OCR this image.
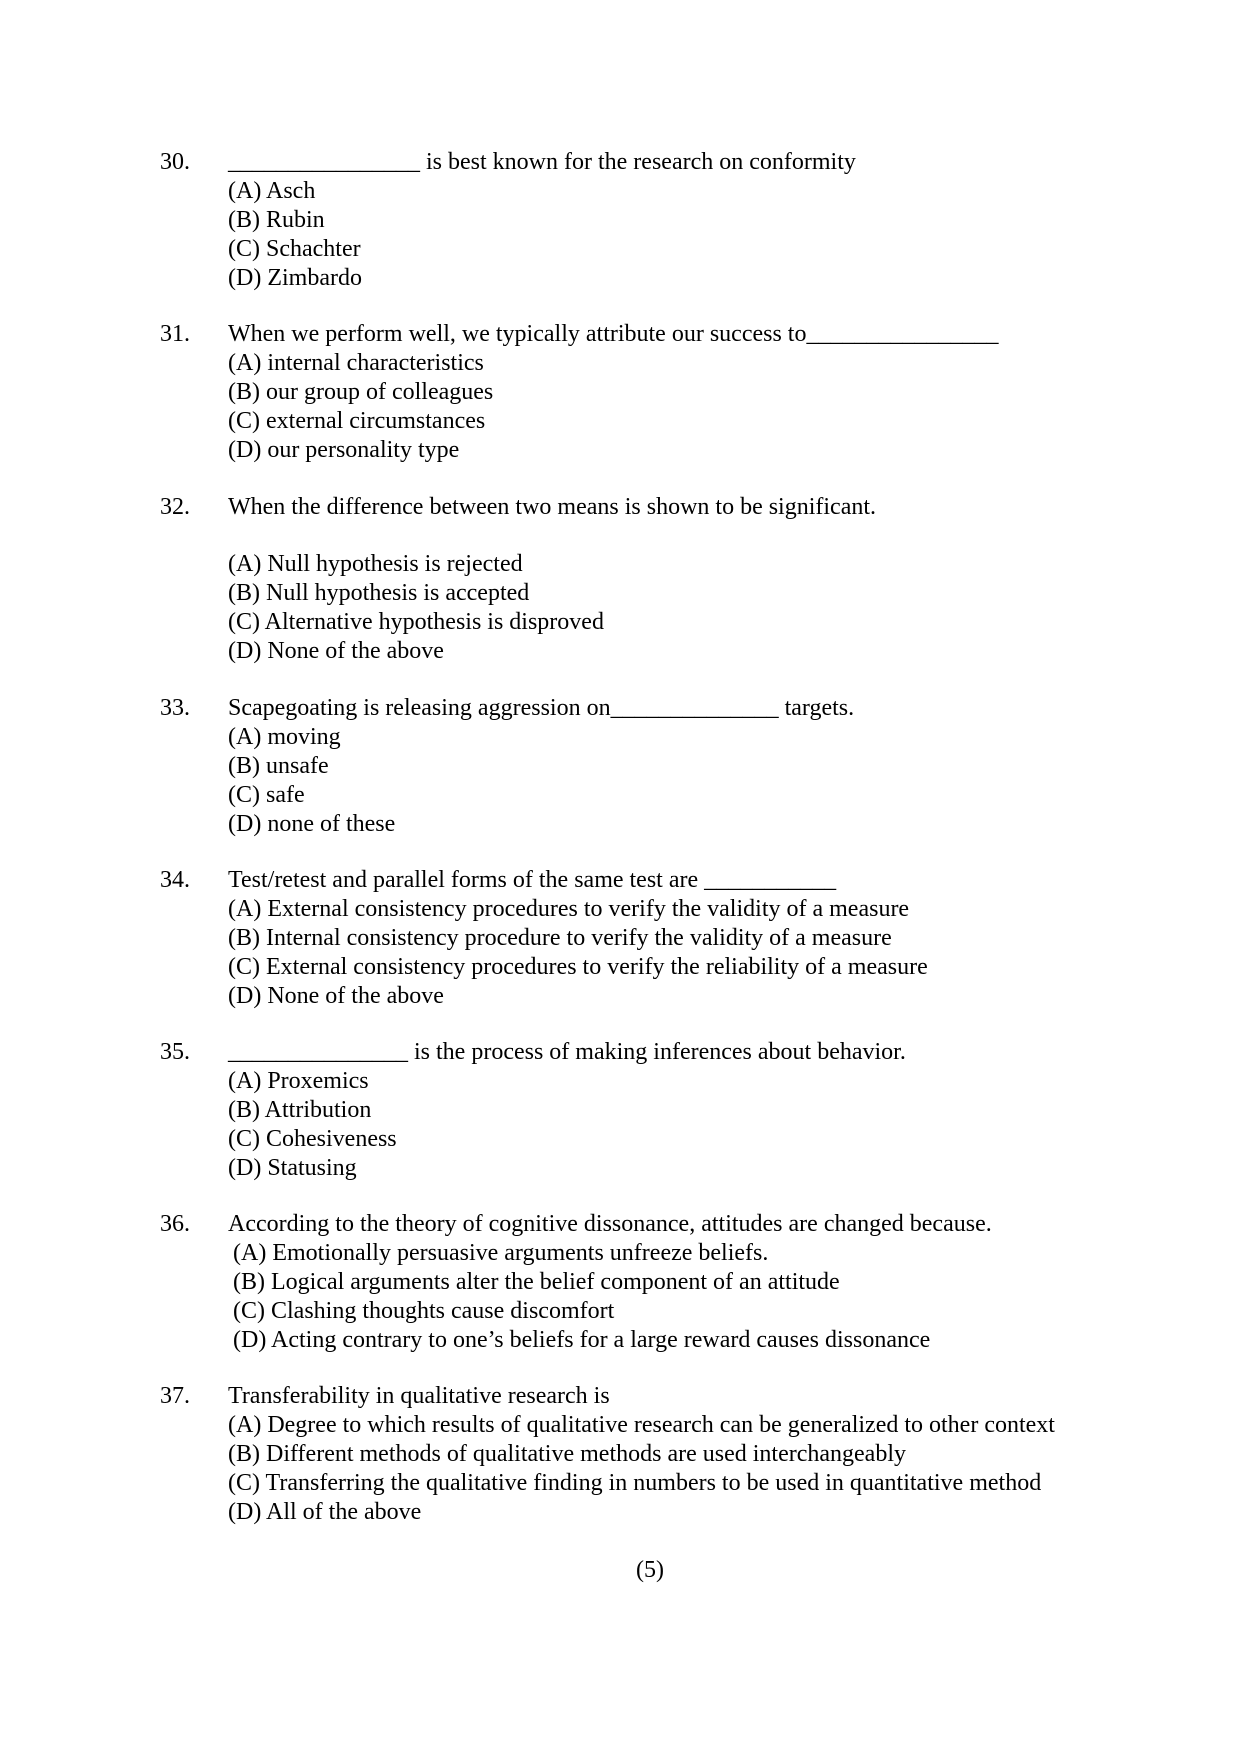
30. ________________ is best known for the research on conformity
(A) Asch
(B) Rubin
(C) Schachter
(D) Zimbardo
31. When we perform well, we typically attribute our success to________________
(A) internal characteristics
(B) our group of colleagues
(C) external circumstances
(D) our personality type
32. When the difference between two means is shown to be significant.
(A) Null hypothesis is rejected
(B) Null hypothesis is accepted
(C) Alternative hypothesis is disproved
(D) None of the above
33. Scapegoating is releasing aggression on______________ targets.
(A) moving
(B) unsafe
(C) safe
(D) none of these
34. Test/retest and parallel forms of the same test are ___________
(A) External consistency procedures to verify the validity of a measure
(B) Internal consistency procedure to verify the validity of a measure
(C) External consistency procedures to verify the reliability of a measure
(D) None of the above
35. _______________ is the process of making inferences about behavior.
(A) Proxemics
(B) Attribution
(C) Cohesiveness
(D) Statusing
36. According to the theory of cognitive dissonance, attitudes are changed because.
(A) Emotionally persuasive arguments unfreeze beliefs.
(B) Logical arguments alter the belief component of an attitude
(C) Clashing thoughts cause discomfort
(D) Acting contrary to one’s beliefs for a large reward causes dissonance
37. Transferability in qualitative research is
(A) Degree to which results of qualitative research can be generalized to other context
(B) Different methods of qualitative methods are used interchangeably
(C) Transferring the qualitative finding in numbers to be used in quantitative method
(D) All of the above
(5)
